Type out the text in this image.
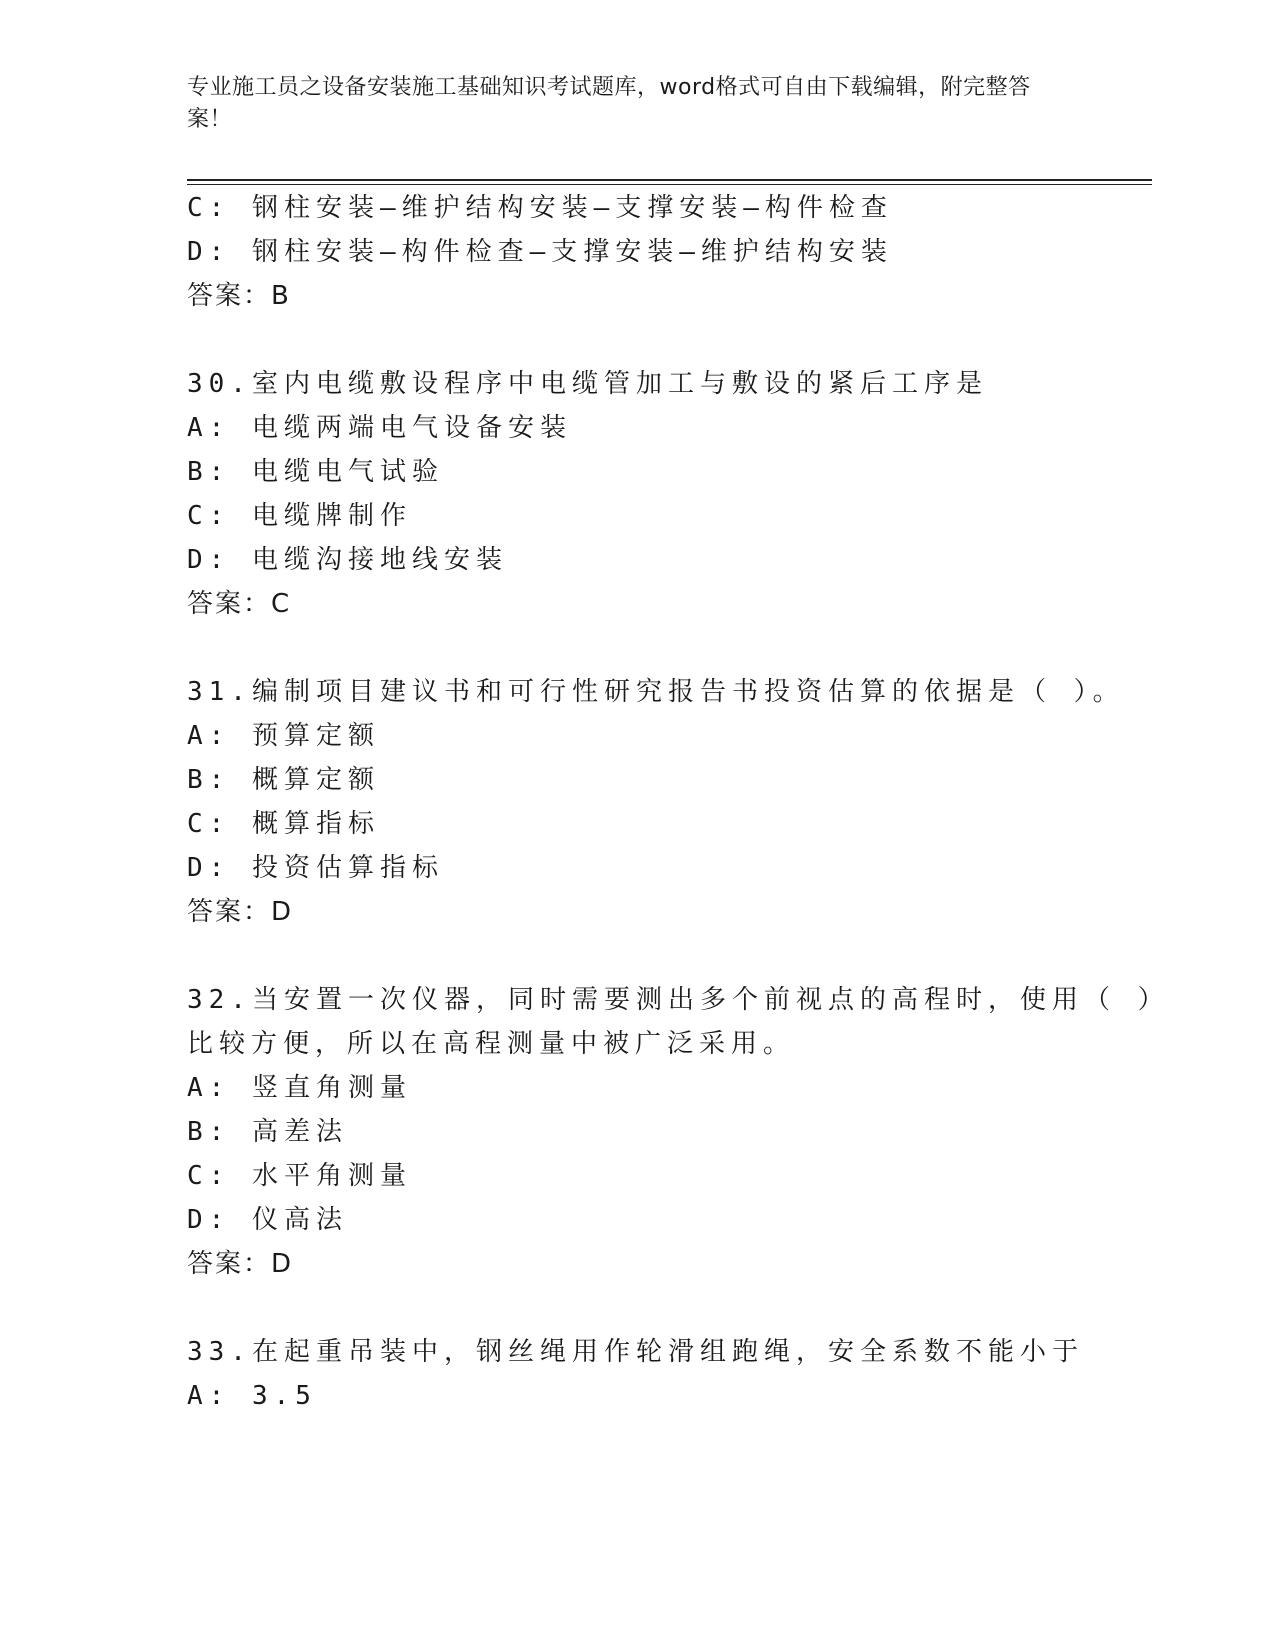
专业施工员之设备安装施工基础知识考试题库，word格式可自由下载编辑，附完整答案！
C: 钢柱安装—维护结构安装—支撑安装—构件检查
D: 钢柱安装—构件检查—支撑安装—维护结构安装
答案：B
30.室内电缆敷设程序中电缆管加工与敷设的紧后工序是
A: 电缆两端电气设备安装
B: 电缆电气试验
C: 电缆牌制作
D: 电缆沟接地线安装
答案：C
31.编制项目建议书和可行性研究报告书投资估算的依据是（ ）。
A: 预算定额
B: 概算定额
C: 概算指标
D: 投资估算指标
答案：D
32.当安置一次仪器，同时需要测出多个前视点的高程时，使用（ ）
比较方便，所以在高程测量中被广泛采用。
A: 竖直角测量
B: 高差法
C: 水平角测量
D: 仪高法
答案：D
33.在起重吊装中，钢丝绳用作轮滑组跑绳，安全系数不能小于
A: 3.5
